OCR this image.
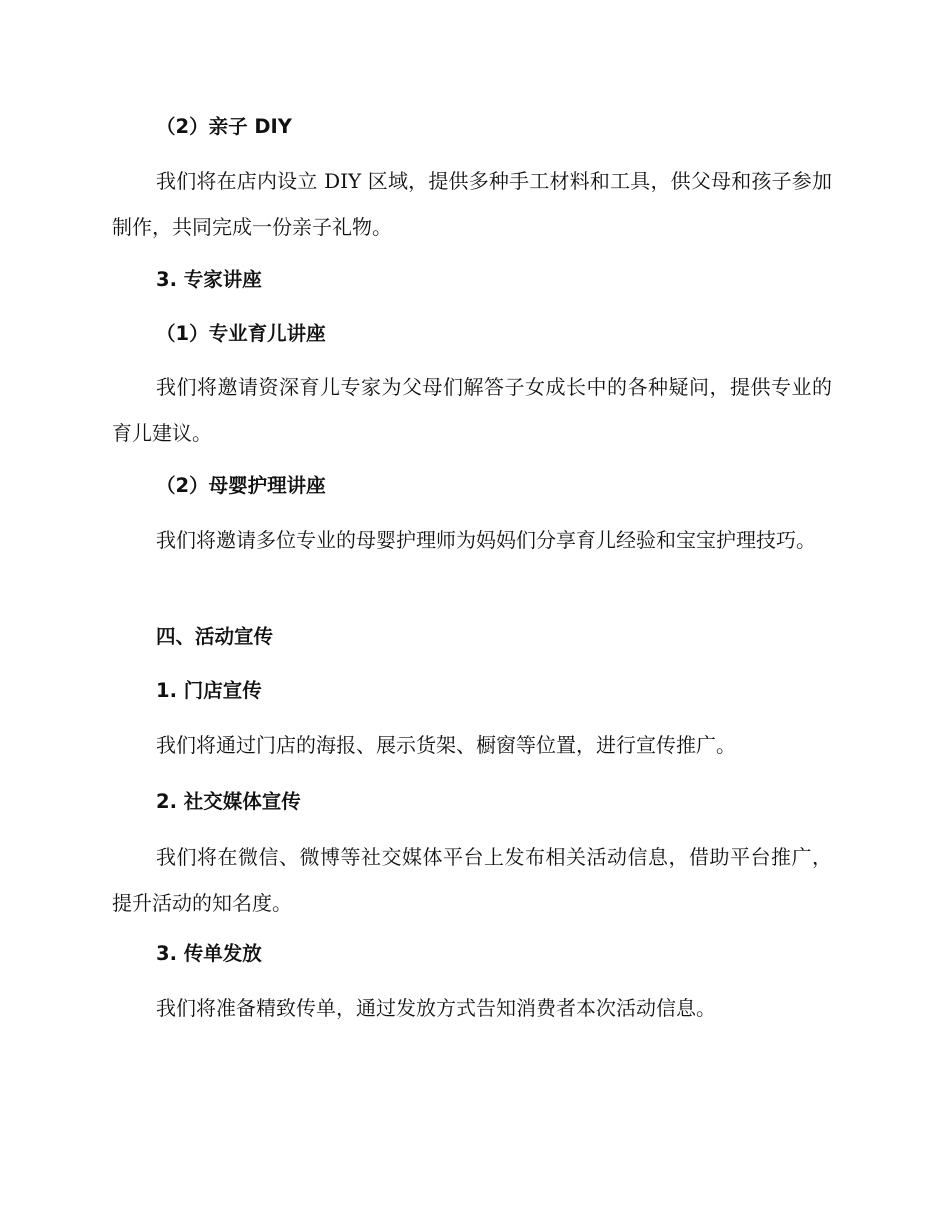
（2）亲子 DIY

我们将在店内设立 DIY 区域，提供多种手工材料和工具，供父母和孩子参加制作，共同完成一份亲子礼物。

3. 专家讲座

（1）专业育儿讲座

我们将邀请资深育儿专家为父母们解答子女成长中的各种疑问，提供专业的育儿建议。

（2）母婴护理讲座

我们将邀请多位专业的母婴护理师为妈妈们分享育儿经验和宝宝护理技巧。

四、活动宣传

1. 门店宣传

我们将通过门店的海报、展示货架、橱窗等位置，进行宣传推广。

2. 社交媒体宣传

我们将在微信、微博等社交媒体平台上发布相关活动信息，借助平台推广，提升活动的知名度。

3. 传单发放

我们将准备精致传单，通过发放方式告知消费者本次活动信息。
